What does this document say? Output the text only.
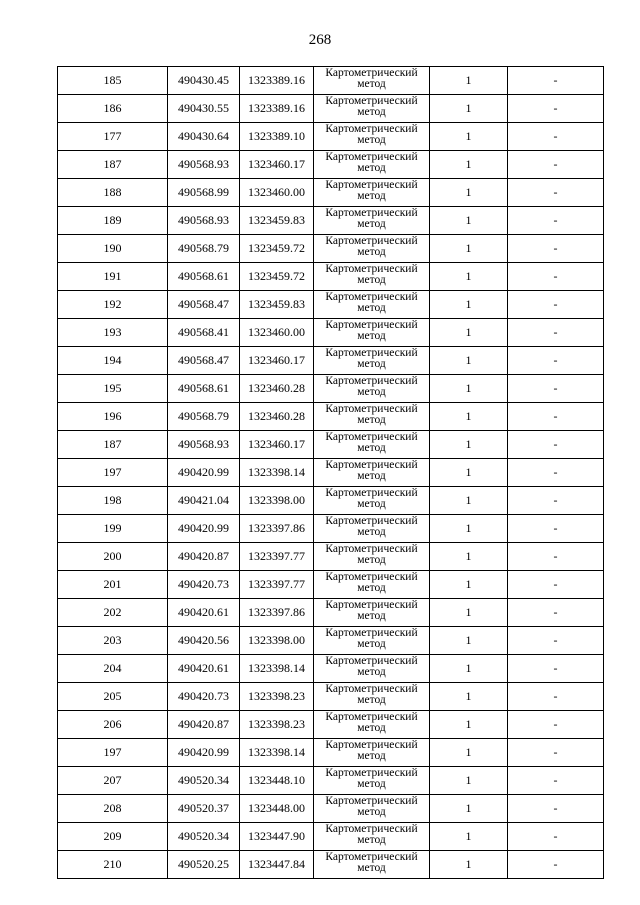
268
185	490430.45	1323389.16	Картометрический метод	1	-
186	490430.55	1323389.16	Картометрический метод	1	-
177	490430.64	1323389.10	Картометрический метод	1	-
187	490568.93	1323460.17	Картометрический метод	1	-
188	490568.99	1323460.00	Картометрический метод	1	-
189	490568.93	1323459.83	Картометрический метод	1	-
190	490568.79	1323459.72	Картометрический метод	1	-
191	490568.61	1323459.72	Картометрический метод	1	-
192	490568.47	1323459.83	Картометрический метод	1	-
193	490568.41	1323460.00	Картометрический метод	1	-
194	490568.47	1323460.17	Картометрический метод	1	-
195	490568.61	1323460.28	Картометрический метод	1	-
196	490568.79	1323460.28	Картометрический метод	1	-
187	490568.93	1323460.17	Картометрический метод	1	-
197	490420.99	1323398.14	Картометрический метод	1	-
198	490421.04	1323398.00	Картометрический метод	1	-
199	490420.99	1323397.86	Картометрический метод	1	-
200	490420.87	1323397.77	Картометрический метод	1	-
201	490420.73	1323397.77	Картометрический метод	1	-
202	490420.61	1323397.86	Картометрический метод	1	-
203	490420.56	1323398.00	Картометрический метод	1	-
204	490420.61	1323398.14	Картометрический метод	1	-
205	490420.73	1323398.23	Картометрический метод	1	-
206	490420.87	1323398.23	Картометрический метод	1	-
197	490420.99	1323398.14	Картометрический метод	1	-
207	490520.34	1323448.10	Картометрический метод	1	-
208	490520.37	1323448.00	Картометрический метод	1	-
209	490520.34	1323447.90	Картометрический метод	1	-
210	490520.25	1323447.84	Картометрический метод	1	-
